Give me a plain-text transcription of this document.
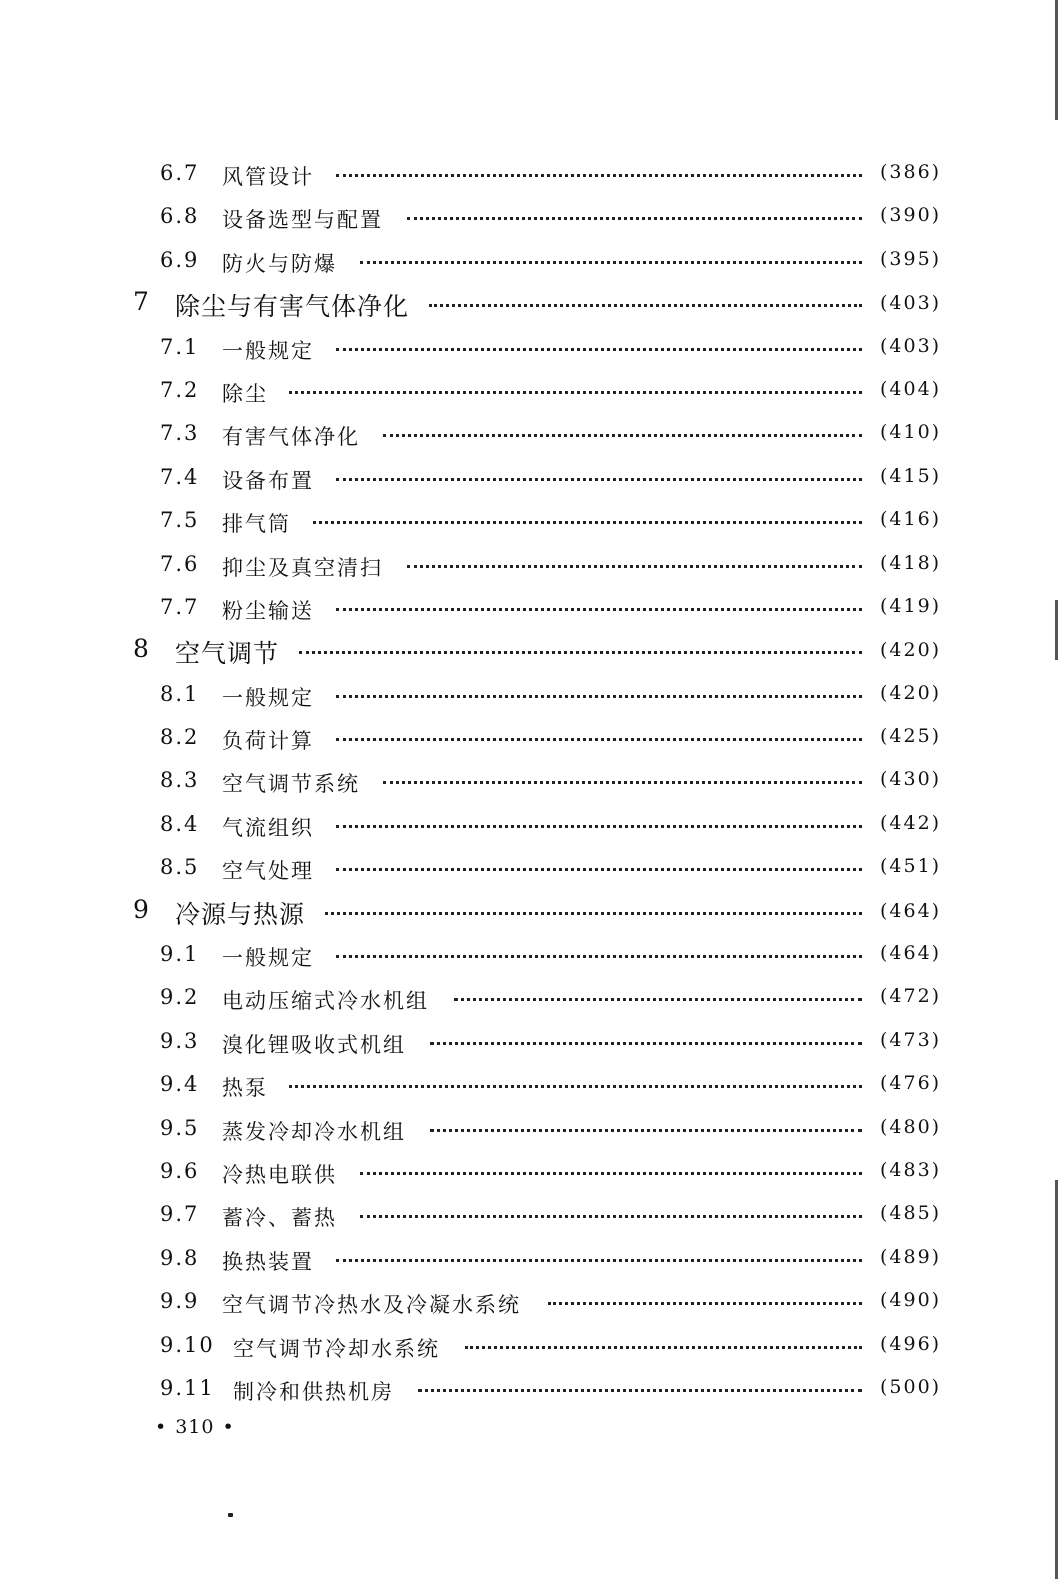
6.7 风管设计	(386)
6.8 设备选型与配置	(390)
6.9 防火与防爆	(395)
7 除尘与有害气体净化	(403)
7.1 一般规定	(403)
7.2 除尘	(404)
7.3 有害气体净化	(410)
7.4 设备布置	(415)
7.5 排气筒	(416)
7.6 抑尘及真空清扫	(418)
7.7 粉尘输送	(419)
8 空气调节	(420)
8.1 一般规定	(420)
8.2 负荷计算	(425)
8.3 空气调节系统	(430)
8.4 气流组织	(442)
8.5 空气处理	(451)
9 冷源与热源	(464)
9.1 一般规定	(464)
9.2 电动压缩式冷水机组	(472)
9.3 溴化锂吸收式机组	(473)
9.4 热泵	(476)
9.5 蒸发冷却冷水机组	(480)
9.6 冷热电联供	(483)
9.7 蓄冷、蓄热	(485)
9.8 换热装置	(489)
9.9 空气调节冷热水及冷凝水系统	(490)
9.10 空气调节冷却水系统	(496)
9.11 制冷和供热机房	(500)
• 310 •
